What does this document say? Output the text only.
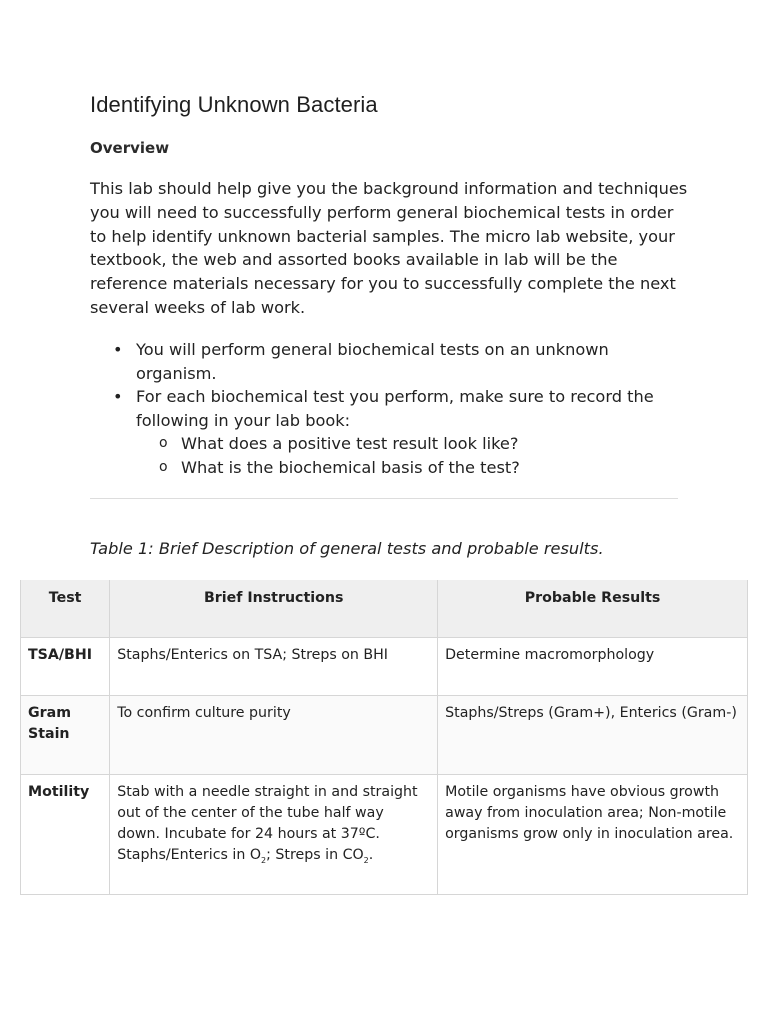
Identifying Unknown Bacteria
Overview

This lab should help give you the background information and techniques you will need to successfully perform general biochemical tests in order to help identify unknown bacterial samples. The micro lab website, your textbook, the web and assorted books available in lab will be the reference materials necessary for you to successfully complete the next several weeks of lab work.

• You will perform general biochemical tests on an unknown organism.
• For each biochemical test you perform, make sure to record the following in your lab book:
o What does a positive test result look like?
o What is the biochemical basis of the test?

Table 1: Brief Description of general tests and probable results.

Test	Brief Instructions	Probable Results
TSA/BHI	Staphs/Enterics on TSA; Streps on BHI	Determine macromorphology
Gram Stain	To confirm culture purity	Staphs/Streps (Gram+), Enterics (Gram-)
Motility	Stab with a needle straight in and straight out of the center of the tube half way down. Incubate for 24 hours at 37ºC. Staphs/Enterics in $O_2$; Streps in $CO_2$.	Motile organisms have obvious growth away from inoculation area; Non-motile organisms grow only in inoculation area.
